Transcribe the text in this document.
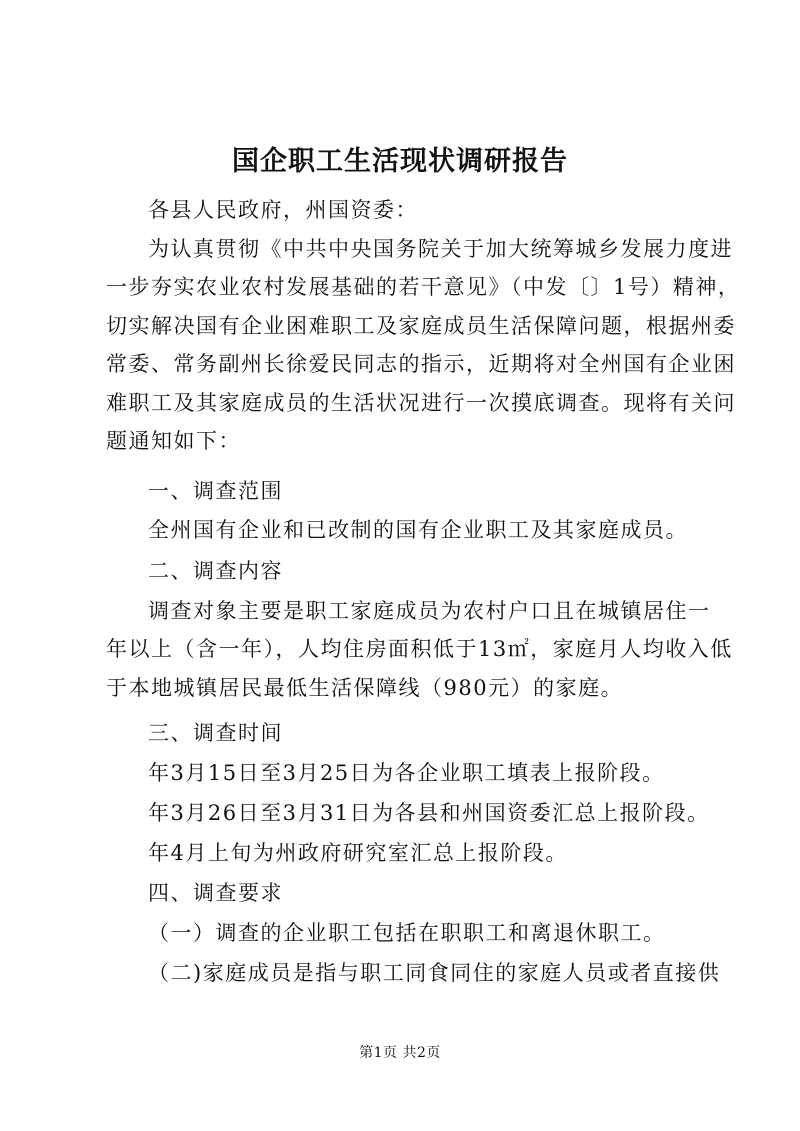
国企职工生活现状调研报告
各县人民政府，州国资委：
为认真贯彻《中共中央国务院关于加大统筹城乡发展力度进
一步夯实农业农村发展基础的若干意见》（中发〔〕1号）精神，
切实解决国有企业困难职工及家庭成员生活保障问题，根据州委
常委、常务副州长徐爱民同志的指示，近期将对全州国有企业困
难职工及其家庭成员的生活状况进行一次摸底调查。现将有关问
题通知如下：
一、调查范围
全州国有企业和已改制的国有企业职工及其家庭成员。
二、调查内容
调查对象主要是职工家庭成员为农村户口且在城镇居住一
年以上（含一年），人均住房面积低于13㎡，家庭月人均收入低
于本地城镇居民最低生活保障线（980元）的家庭。
三、调查时间
年3月15日至3月25日为各企业职工填表上报阶段。
年3月26日至3月31日为各县和州国资委汇总上报阶段。
年4月上旬为州政府研究室汇总上报阶段。
四、调查要求
（一）调查的企业职工包括在职职工和离退休职工。
（二)家庭成员是指与职工同食同住的家庭人员或者直接供
第1页 共2页
